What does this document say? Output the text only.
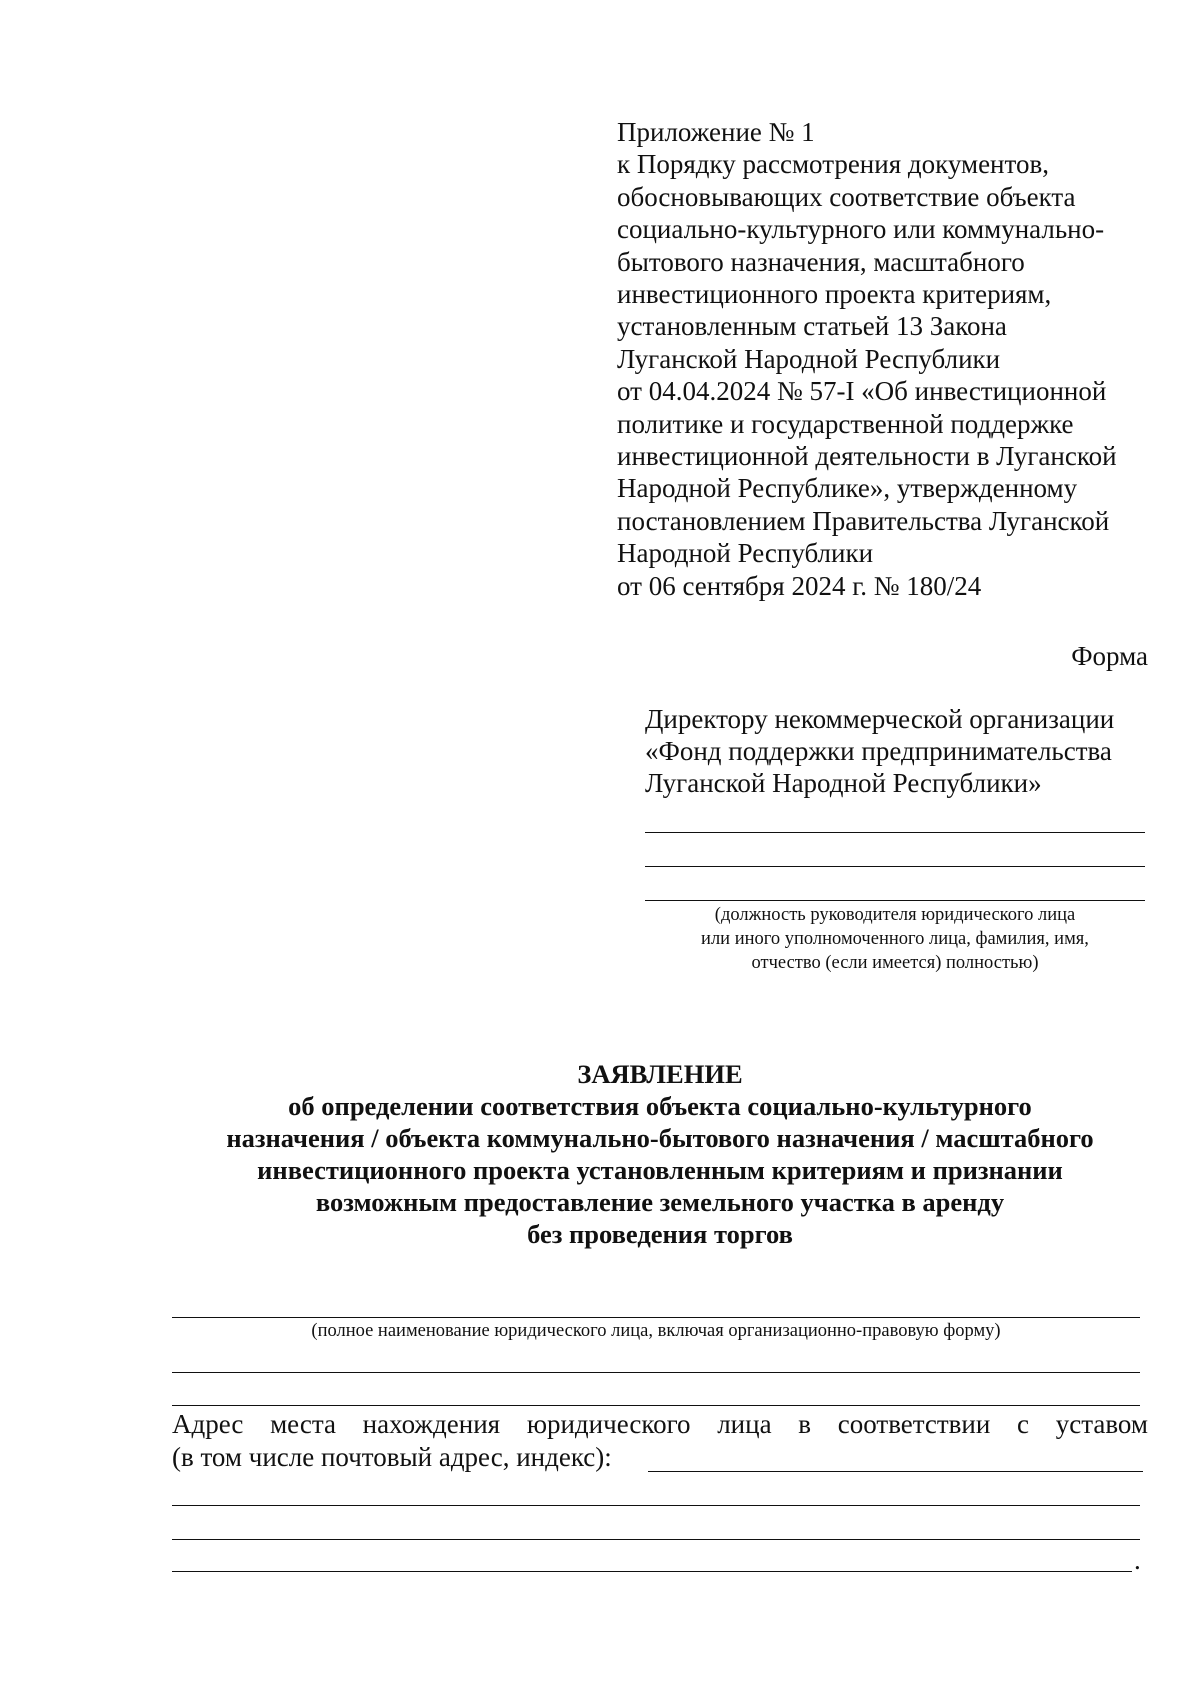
Приложение № 1
к Порядку рассмотрения документов,
обосновывающих соответствие объекта
социально-культурного или коммунально-
бытового назначения, масштабного
инвестиционного проекта критериям,
установленным статьей 13 Закона
Луганской Народной Республики
от 04.04.2024 № 57-I «Об инвестиционной
политике и государственной поддержке
инвестиционной деятельности в Луганской
Народной Республике», утвержденному
постановлением Правительства Луганской
Народной Республики
от 06 сентября 2024 г. № 180/24
Форма
Директору некоммерческой организации
«Фонд поддержки предпринимательства
Луганской Народной Республики»
(должность руководителя юридического лица
или иного уполномоченного лица, фамилия, имя,
отчество (если имеется) полностью)
ЗАЯВЛЕНИЕ
об определении соответствия объекта социально-культурного
назначения / объекта коммунально-бытового назначения / масштабного
инвестиционного проекта установленным критериям и признании
возможным предоставление земельного участка в аренду
без проведения торгов
(полное наименование юридического лица, включая организационно-правовую форму)
Адрес места нахождения юридического лица в соответствии с уставом
(в том числе почтовый адрес, индекс):
.
